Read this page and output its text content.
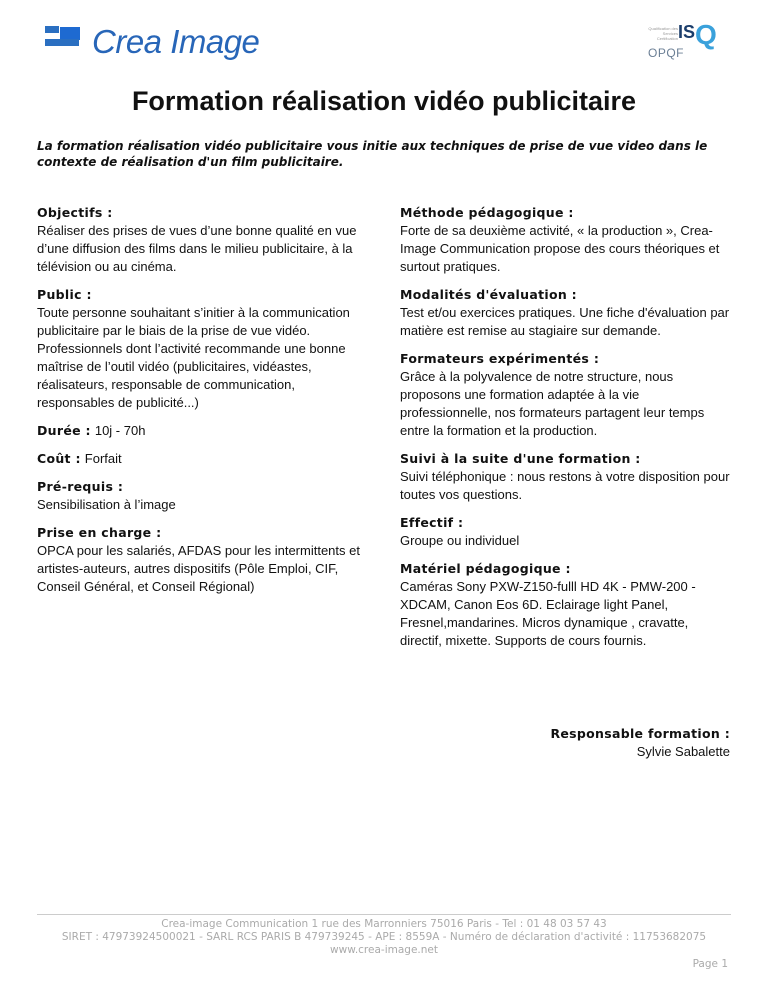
Crea Image	Qualification des Services Certification IS Q
OPQF
Formation réalisation vidéo publicitaire
La formation réalisation vidéo publicitaire vous initie aux techniques de prise de vue video dans le contexte de réalisation d'un film publicitaire.
Objectifs :
Réaliser des prises de vues d’une bonne qualité en vue d’une diffusion des films dans le milieu publicitaire, à la télévision ou au cinéma.
Public :
Toute personne souhaitant s’initier à la communication publicitaire par le biais de la prise de vue vidéo. Professionnels dont l’activité recommande une bonne maîtrise de l’outil vidéo (publicitaires, vidéastes, réalisateurs, responsable de communication, responsables de publicité...)
Durée : 10j - 70h
Coût : Forfait
Pré-requis :
Sensibilisation à l’image
Prise en charge :
OPCA pour les salariés, AFDAS pour les intermittents et artistes-auteurs, autres dispositifs (Pôle Emploi, CIF, Conseil Général, et Conseil Régional)
Méthode pédagogique :
Forte de sa deuxième activité, « la production », Crea-Image Communication propose des cours théoriques et surtout pratiques.
Modalités d'évaluation :
Test et/ou exercices pratiques. Une fiche d'évaluation par matière est remise au stagiaire sur demande.
Formateurs expérimentés :
Grâce à la polyvalence de notre structure, nous proposons une formation adaptée à la vie professionnelle, nos formateurs partagent leur temps entre la formation et la production.
Suivi à la suite d'une formation :
Suivi téléphonique : nous restons à votre disposition pour toutes vos questions.
Effectif :
Groupe ou individuel
Matériel pédagogique :
Caméras Sony PXW-Z150-fulll HD 4K - PMW-200 - XDCAM, Canon Eos 6D. Eclairage light Panel, Fresnel,mandarines. Micros dynamique , cravatte, directif, mixette. Supports de cours fournis.
Responsable formation :
Sylvie Sabalette
Crea-image Communication 1 rue des Marronniers 75016 Paris - Tel : 01 48 03 57 43
SIRET : 47973924500021 - SARL RCS PARIS B 479739245 - APE : 8559A - Numéro de déclaration d'activité : 11753682075
www.crea-image.net
Page 1
